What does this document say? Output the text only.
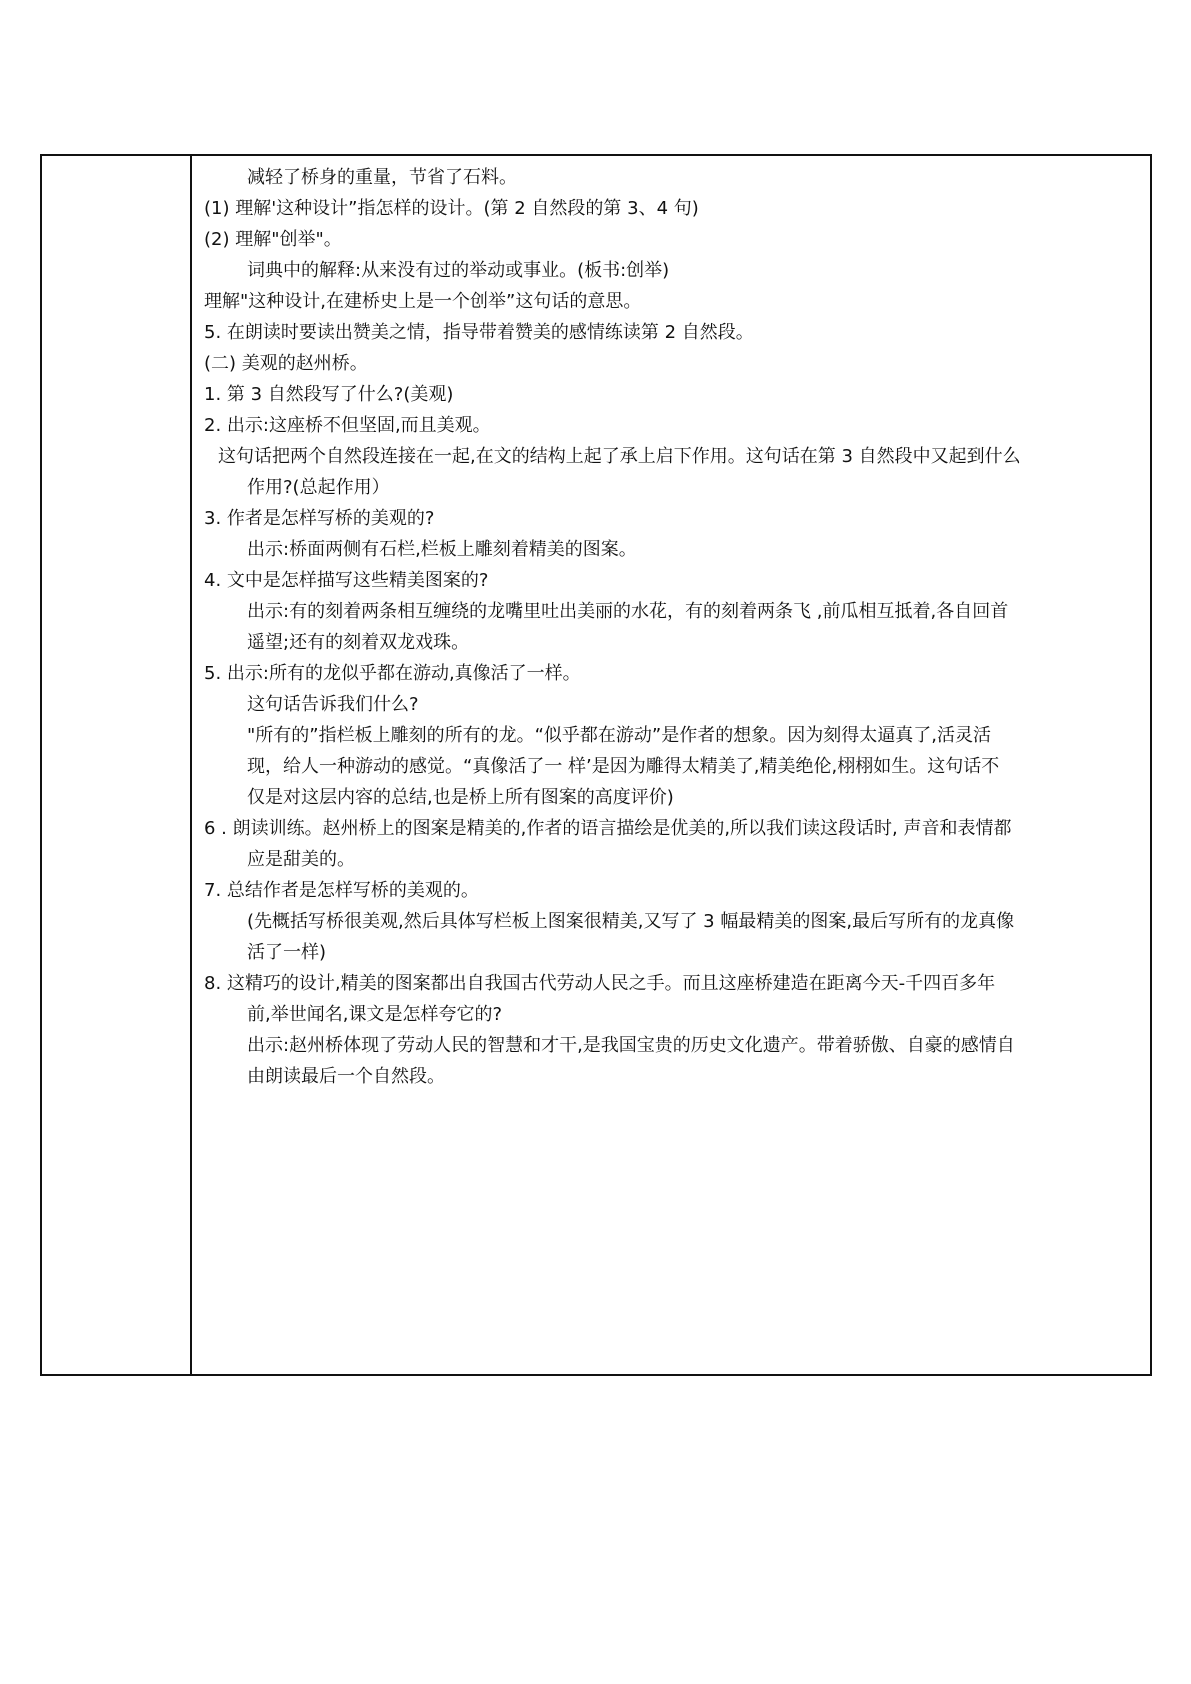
减轻了桥身的重量，节省了石料。
(1) 理解'这种设计”指怎样的设计。(第 2 自然段的第 3、4 句)
(2) 理解"创举"。
词典中的解释:从来没有过的举动或事业。(板书:创举)
理解"这种设计,在建桥史上是一个创举”这句话的意思。
5. 在朗读时要读出赞美之情，指导带着赞美的感情练读第 2 自然段。
(二) 美观的赵州桥。
1. 第 3 自然段写了什么?(美观)
2. 出示:这座桥不但坚固,而且美观。
这句话把两个自然段连接在一起,在文的结构上起了承上启下作用。这句话在第 3 自然段中又起到什么
作用?(总起作用）
3. 作者是怎样写桥的美观的?
出示:桥面两侧有石栏,栏板上雕刻着精美的图案。
4. 文中是怎样描写这些精美图案的?
出示:有的刻着两条相互缠绕的龙嘴里吐出美丽的水花，有的刻着两条飞 ,前瓜相互抵着,各自回首
遥望;还有的刻着双龙戏珠。
5. 出示:所有的龙似乎都在游动,真像活了一样。
这句话告诉我们什么?
"所有的”指栏板上雕刻的所有的龙。“似乎都在游动”是作者的想象。因为刻得太逼真了,活灵活
现，给人一种游动的感觉。“真像活了一 样’是因为雕得太精美了,精美绝伦,栩栩如生。这句话不
仅是对这层内容的总结,也是桥上所有图案的高度评价)
6 . 朗读训练。赵州桥上的图案是精美的,作者的语言描绘是优美的,所以我们读这段话时, 声音和表情都
应是甜美的。
7. 总结作者是怎样写桥的美观的。
(先概括写桥很美观,然后具体写栏板上图案很精美,又写了 3 幅最精美的图案,最后写所有的龙真像
活了一样)
8. 这精巧的设计,精美的图案都出自我国古代劳动人民之手。而且这座桥建造在距离今天-千四百多年
前,举世闻名,课文是怎样夸它的?
出示:赵州桥体现了劳动人民的智慧和才干,是我国宝贵的历史文化遗产。带着骄傲、自豪的感情自
由朗读最后一个自然段。
